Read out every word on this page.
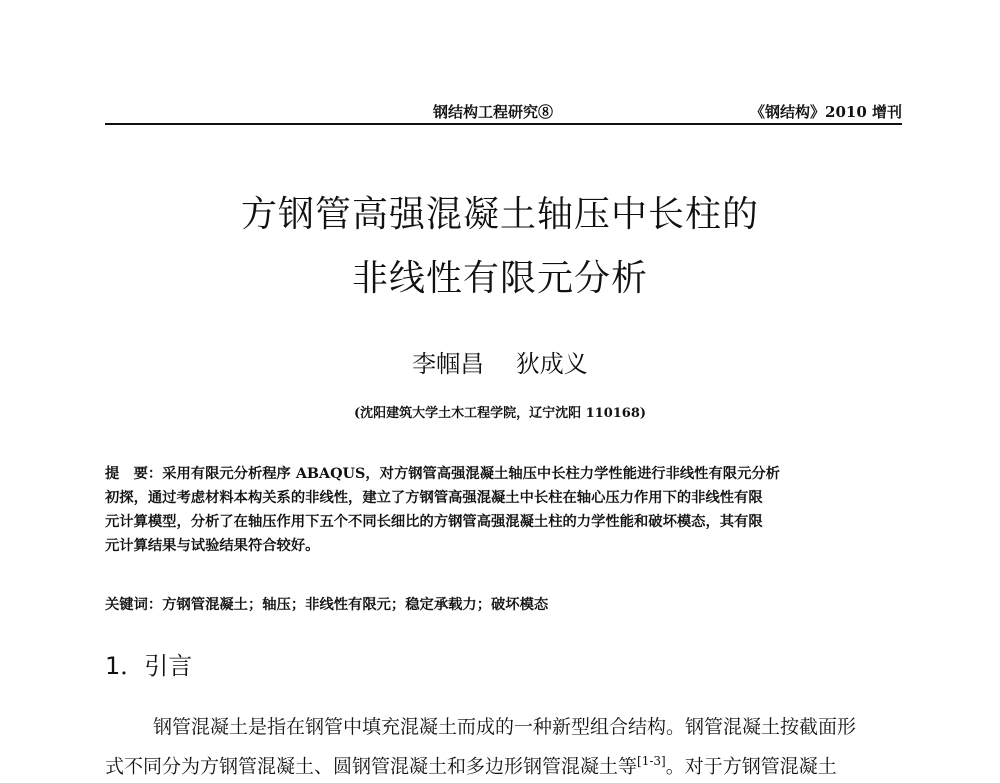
钢结构工程研究⑧	《钢结构》2010 增刊
方钢管高强混凝土轴压中长柱的
非线性有限元分析
李帼昌 狄成义
(沈阳建筑大学土木工程学院，辽宁沈阳 110168)
提　要：采用有限元分析程序 ABAQUS，对方钢管高强混凝土轴压中长柱力学性能进行非线性有限元分析
初探，通过考虑材料本构关系的非线性，建立了方钢管高强混凝土中长柱在轴心压力作用下的非线性有限
元计算模型，分析了在轴压作用下五个不同长细比的方钢管高强混凝土柱的力学性能和破坏模态，其有限
元计算结果与试验结果符合较好。
关键词：方钢管混凝土；轴压；非线性有限元；稳定承载力；破坏模态
1．引言
钢管混凝土是指在钢管中填充混凝土而成的一种新型组合结构。钢管混凝土按截面形
式不同分为方钢管混凝土、圆钢管混凝土和多边形钢管混凝土等[1-3]。对于方钢管混凝土
